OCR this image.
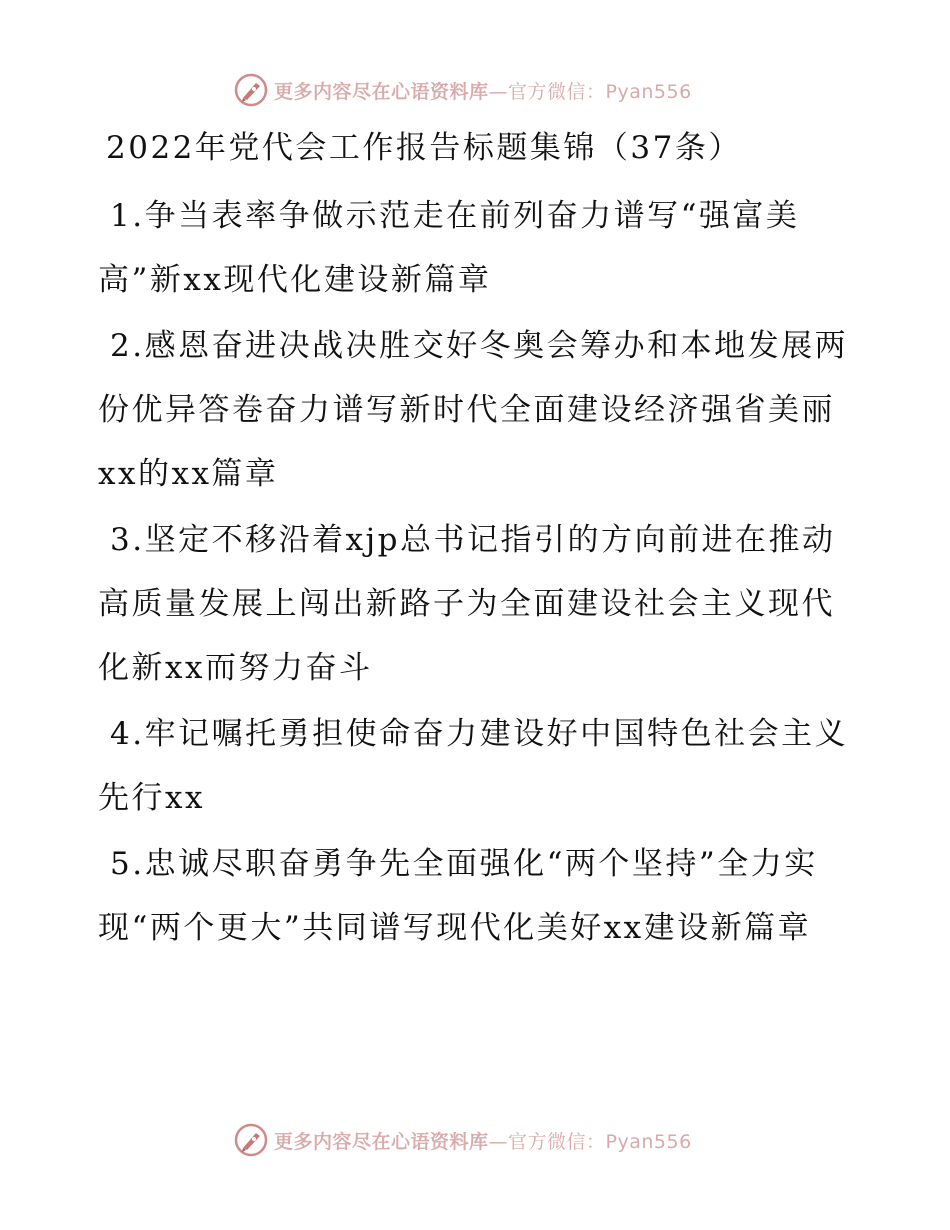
更多内容尽在心语资料库—官方微信：Pyan556
2022年党代会工作报告标题集锦（37条）

1.争当表率争做示范走在前列奋力谱写“强富美高”新xx现代化建设新篇章

2.感恩奋进决战决胜交好冬奥会筹办和本地发展两份优异答卷奋力谱写新时代全面建设经济强省美丽xx的xx篇章

3.坚定不移沿着xjp总书记指引的方向前进在推动高质量发展上闯出新路子为全面建设社会主义现代化新xx而努力奋斗

4.牢记嘱托勇担使命奋力建设好中国特色社会主义先行xx

5.忠诚尽职奋勇争先全面强化“两个坚持”全力实现“两个更大”共同谱写现代化美好xx建设新篇章

更多内容尽在心语资料库—官方微信：Pyan556
